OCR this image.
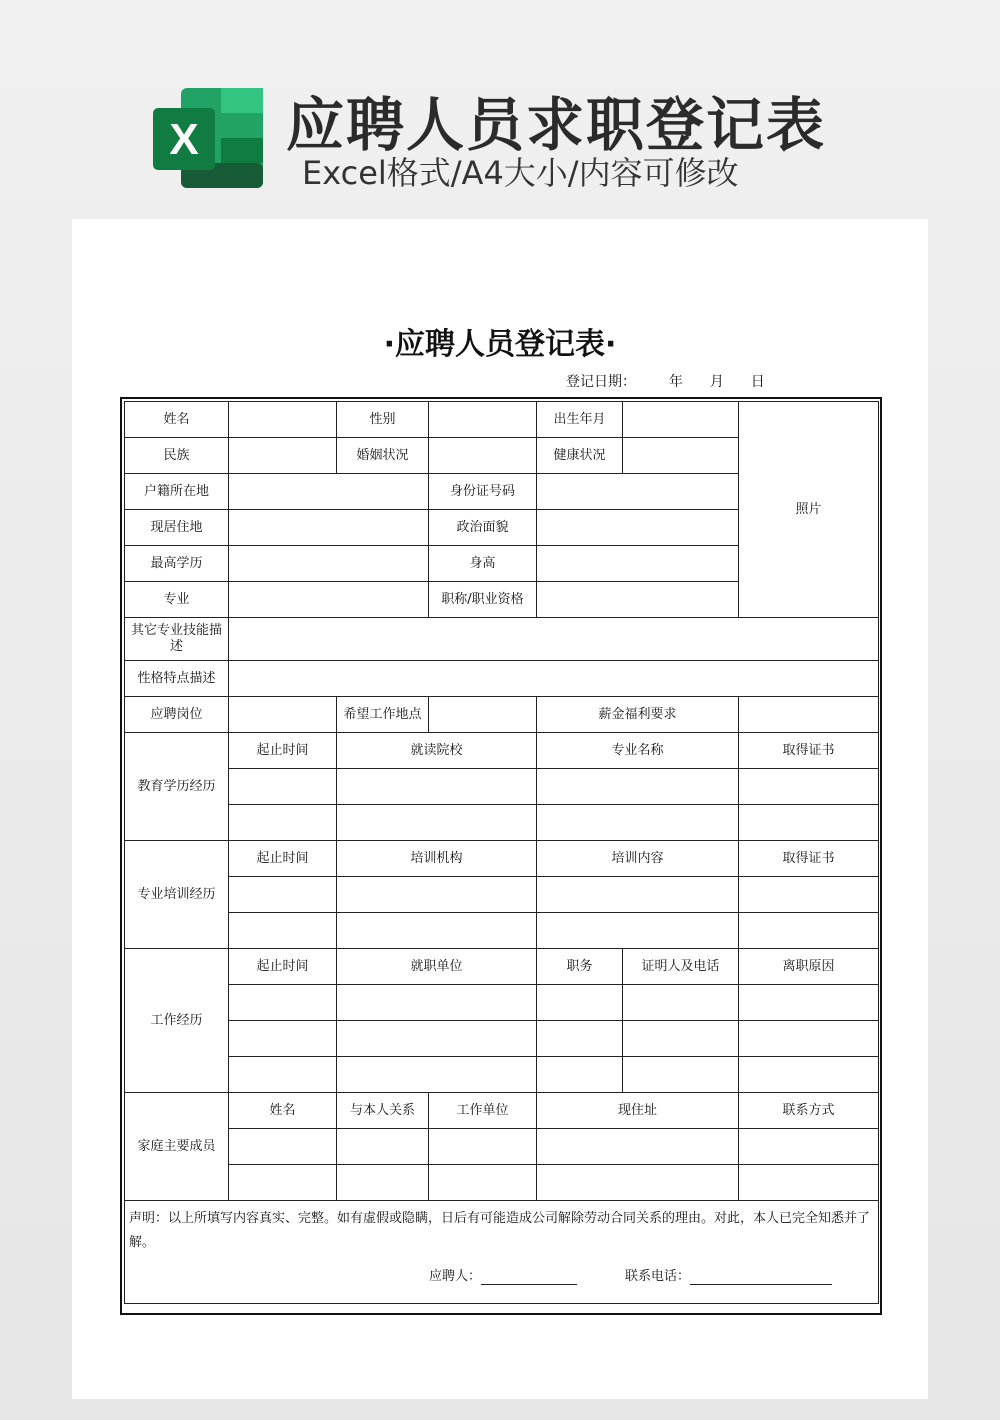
X 应聘人员求职登记表
Excel格式/A4大小/内容可修改
·应聘人员登记表·
登记日期： 年 月 日
姓名		性别		出生年月		照片
民族		婚姻状况		健康状况		
户籍所在地			身份证号码			
现居住地			政治面貌			
最高学历			身高			
专业			职称/职业资格			
其它专业技能描述						
性格特点描述						
应聘岗位		希望工作地点		薪金福利要求		
教育学历经历	起止时间	就读院校		专业名称		取得证书

专业培训经历	起止时间	培训机构		培训内容		取得证书

工作经历	起止时间	就职单位		职务	证明人及电话	离职原因

家庭主要成员	姓名	与本人关系	工作单位	现住址		联系方式

声明：以上所填写内容真实、完整。如有虚假或隐瞒，日后有可能造成公司解除劳动合同关系的理由。对此，本人已完全知悉并了解。
应聘人： 联系电话：						
